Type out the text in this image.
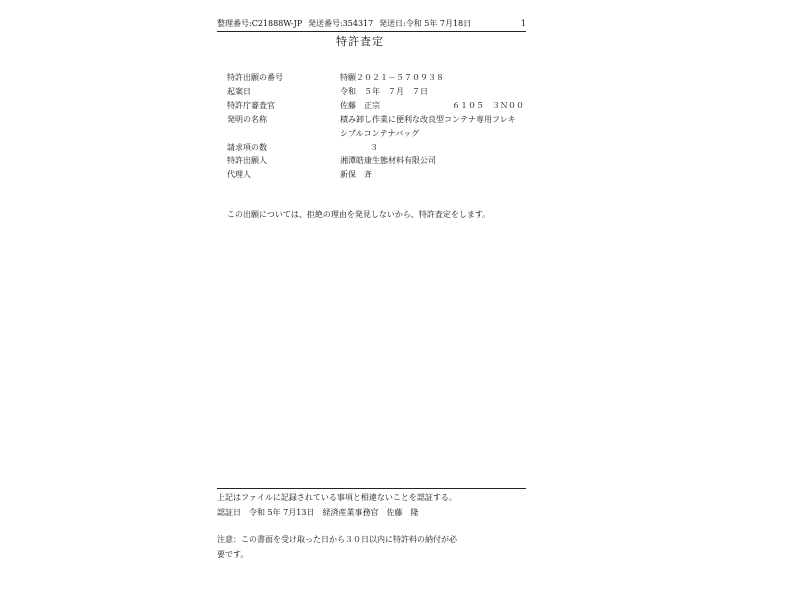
整理番号:C21888W-JP 発送番号:354317 発送日:令和 5年 7月18日	1
特許査定
特許出願の番号	特願２０２１－５７０９３８
起案日	令和　５年　７月　７日
特許庁審査官	佐藤　正宗	６１０５　３Ｎ００
発明の名称	積み卸し作業に便利な改良型コンテナ専用フレキ
シブルコンテナバッグ
請求項の数	３
特許出願人	湘潭皓康生態材料有限公司
代理人	新保　斉
この出願については、拒絶の理由を発見しないから、特許査定をします。
上記はファイルに記録されている事項と相違ないことを認証する。
認証日　令和 5年 7月13日　経済産業事務官　佐藤　隆
注意：この書面を受け取った日から３０日以内に特許料の納付が必
要です。
